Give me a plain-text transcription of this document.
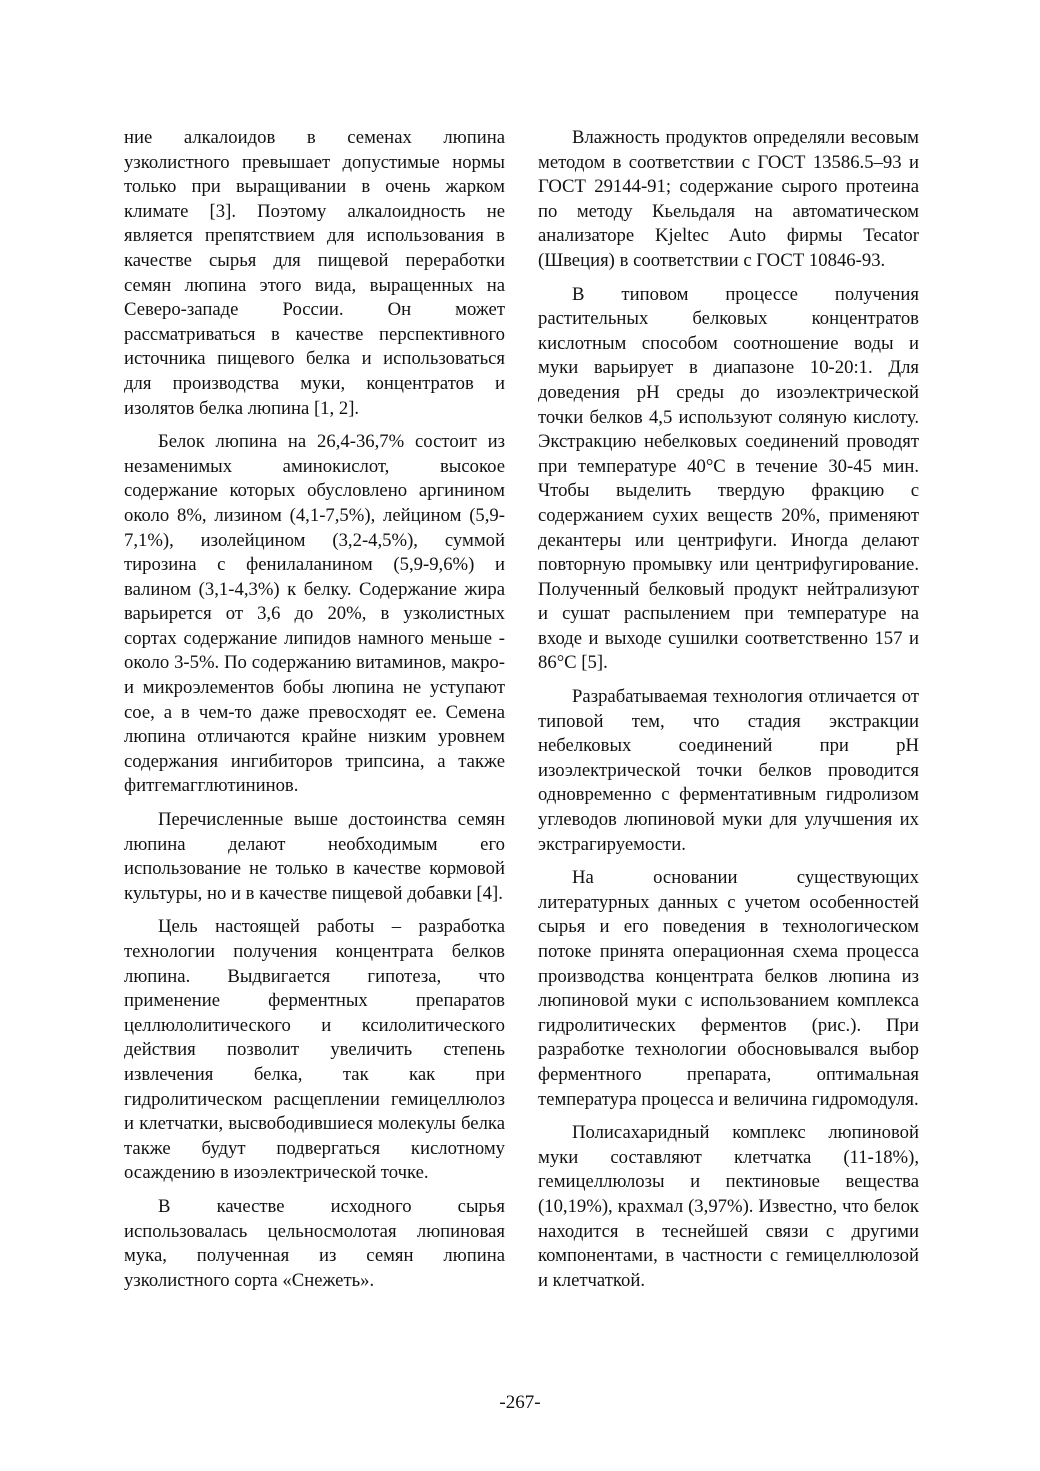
ние алкалоидов в семенах люпина узколистного превышает допустимые нормы только при выращивании в очень жарком климате [3]. Поэтому алкалоидность не является препятствием для использования в качестве сырья для пищевой переработки семян люпина этого вида, выращенных на Северо-западе России. Он может рассматриваться в качестве перспективного источника пищевого белка и использоваться для производства муки, концентратов и изолятов белка люпина [1, 2].

Белок люпина на 26,4-36,7% состоит из незаменимых аминокислот, высокое содержание которых обусловлено аргинином около 8%, лизином (4,1-7,5%), лейцином (5,9-7,1%), изолейцином (3,2-4,5%), суммой тирозина с фенилаланином (5,9-9,6%) и валином (3,1-4,3%) к белку. Содержание жира варьирется от 3,6 до 20%, в узколистных сортах содержание липидов намного меньше - около 3-5%. По содержанию витаминов, макро- и микроэлементов бобы люпина не уступают сое, а в чем-то даже превосходят ее. Семена люпина отличаются крайне низким уровнем содержания ингибиторов трипсина, а также фитгемагглютининов.

Перечисленные выше достоинства семян люпина делают необходимым его использование не только в качестве кормовой культуры, но и в качестве пищевой добавки [4].

Цель настоящей работы – разработка технологии получения концентрата белков люпина. Выдвигается гипотеза, что применение ферментных препаратов целлюлолитического и ксилолитического действия позволит увеличить степень извлечения белка, так как при гидролитическом расщеплении гемицеллюлоз и клетчатки, высвободившиеся молекулы белка также будут подвергаться кислотному осаждению в изоэлектрической точке.

В качестве исходного сырья использовалась цельносмолотая люпиновая мука, полученная из семян люпина узколистного сорта «Снежеть».

Влажность продуктов определяли весовым методом в соответствии с ГОСТ 13586.5–93 и ГОСТ 29144-91; содержание сырого протеина по методу Кьельдаля на автоматическом анализаторе Kjeltec Auto фирмы Tecator (Швеция) в соответствии с ГОСТ 10846-93.

В типовом процессе получения растительных белковых концентратов кислотным способом соотношение воды и муки варьирует в диапазоне 10-20:1. Для доведения pH среды до изоэлектрической точки белков 4,5 используют соляную кислоту. Экстракцию небелковых соединений проводят при температуре 40°С в течение 30-45 мин. Чтобы выделить твердую фракцию с содержанием сухих веществ 20%, применяют декантеры или центрифуги. Иногда делают повторную промывку или центрифугирование. Полученный белковый продукт нейтрализуют и сушат распылением при температуре на входе и выходе сушилки соответственно 157 и 86°С [5].

Разрабатываемая технология отличается от типовой тем, что стадия экстракции небелковых соединений при pH изоэлектрической точки белков проводится одновременно с ферментативным гидролизом углеводов люпиновой муки для улучшения их экстрагируемости.

На основании существующих литературных данных с учетом особенностей сырья и его поведения в технологическом потоке принята операционная схема процесса производства концентрата белков люпина из люпиновой муки с использованием комплекса гидролитических ферментов (рис.). При разработке технологии обосновывался выбор ферментного препарата, оптимальная температура процесса и величина гидромодуля.

Полисахаридный комплекс люпиновой муки составляют клетчатка (11-18%), гемицеллюлозы и пектиновые вещества (10,19%), крахмал (3,97%). Известно, что белок находится в теснейшей связи с другими компонентами, в частности с гемицеллюлозой и клетчаткой.

-267-
